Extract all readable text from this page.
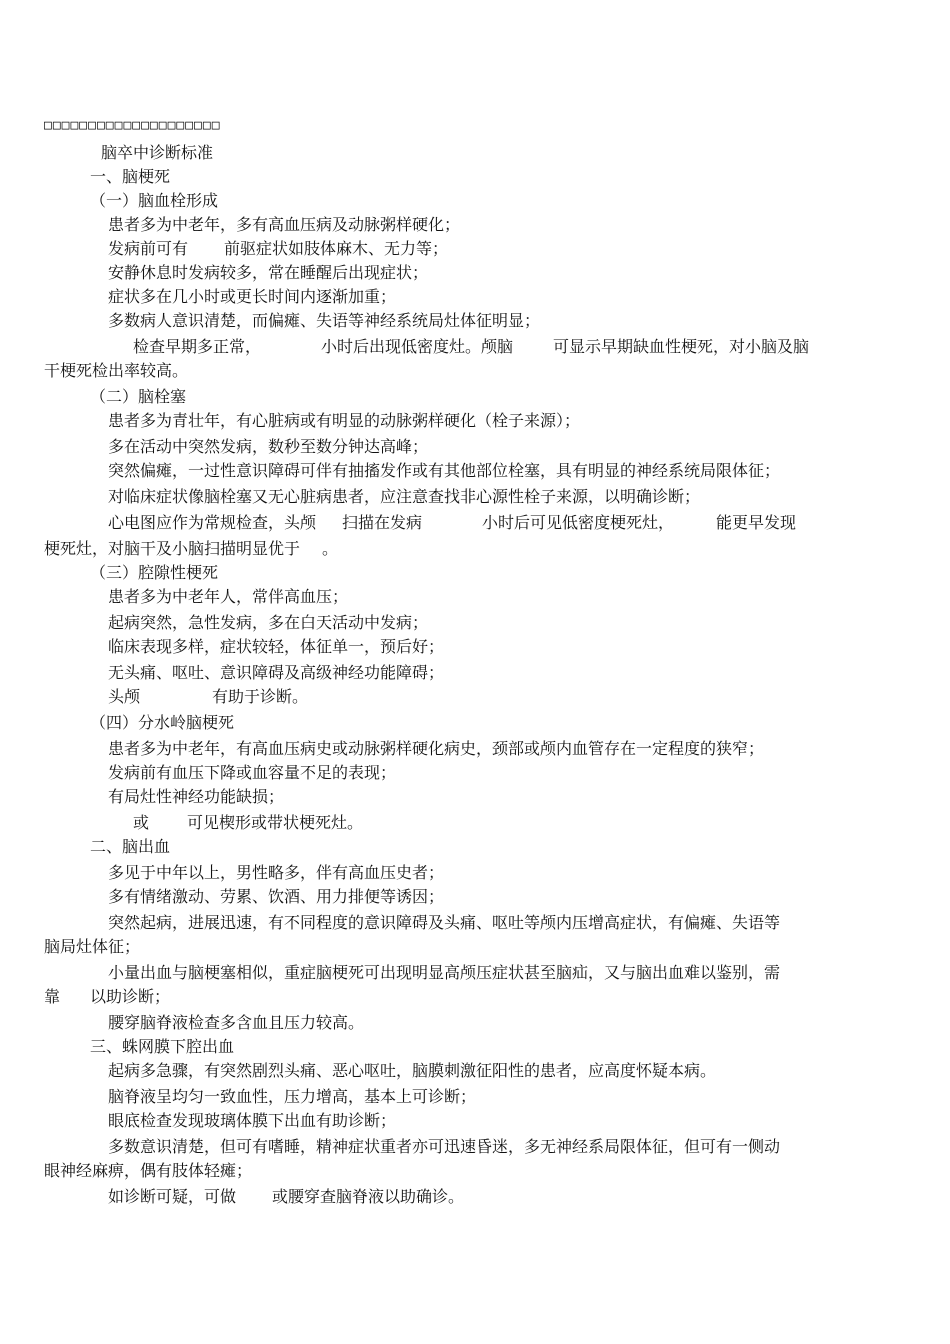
□□□□□□□□□□□□□□□□□□□□
脑卒中诊断标准
一、脑梗死
（一）脑血栓形成
患者多为中老年，多有高血压病及动脉粥样硬化；
发病前可有 前驱症状如肢体麻木、无力等；
安静休息时发病较多，常在睡醒后出现症状；
症状多在几小时或更长时间内逐渐加重；
多数病人意识清楚，而偏瘫、失语等神经系统局灶体征明显；
检查早期多正常，	小时后出现低密度灶。颅脑	可显示早期缺血性梗死，对小脑及脑
干梗死检出率较高。
（二）脑栓塞
患者多为青壮年，有心脏病或有明显的动脉粥样硬化（栓子来源）；
多在活动中突然发病，数秒至数分钟达高峰；
突然偏瘫，一过性意识障碍可伴有抽搐发作或有其他部位栓塞，具有明显的神经系统局限体征；
对临床症状像脑栓塞又无心脏病患者，应注意查找非心源性栓子来源，以明确诊断；
心电图应作为常规检查，头颅 扫描在发病	小时后可见低密度梗死灶，	能更早发现
梗死灶，对脑干及小脑扫描明显优于 。
（三）腔隙性梗死
患者多为中老年人，常伴高血压；
起病突然，急性发病，多在白天活动中发病；
临床表现多样，症状较轻，体征单一，预后好；
无头痛、呕吐、意识障碍及高级神经功能障碍；
头颅	有助于诊断。
（四）分水岭脑梗死
患者多为中老年，有高血压病史或动脉粥样硬化病史，颈部或颅内血管存在一定程度的狭窄；
发病前有血压下降或血容量不足的表现；
有局灶性神经功能缺损；
或 可见楔形或带状梗死灶。
二、脑出血
多见于中年以上，男性略多，伴有高血压史者；
多有情绪激动、劳累、饮酒、用力排便等诱因；
突然起病，进展迅速，有不同程度的意识障碍及头痛、呕吐等颅内压增高症状，有偏瘫、失语等
脑局灶体征；
小量出血与脑梗塞相似，重症脑梗死可出现明显高颅压症状甚至脑疝，又与脑出血难以鉴别，需
靠 以助诊断；
腰穿脑脊液检查多含血且压力较高。
三、蛛网膜下腔出血
起病多急骤，有突然剧烈头痛、恶心呕吐，脑膜刺激征阳性的患者，应高度怀疑本病。
脑脊液呈均匀一致血性，压力增高，基本上可诊断；
眼底检查发现玻璃体膜下出血有助诊断；
多数意识清楚，但可有嗜睡，精神症状重者亦可迅速昏迷，多无神经系局限体征，但可有一侧动
眼神经麻痹，偶有肢体轻瘫；
如诊断可疑，可做 或腰穿查脑脊液以助确诊。
